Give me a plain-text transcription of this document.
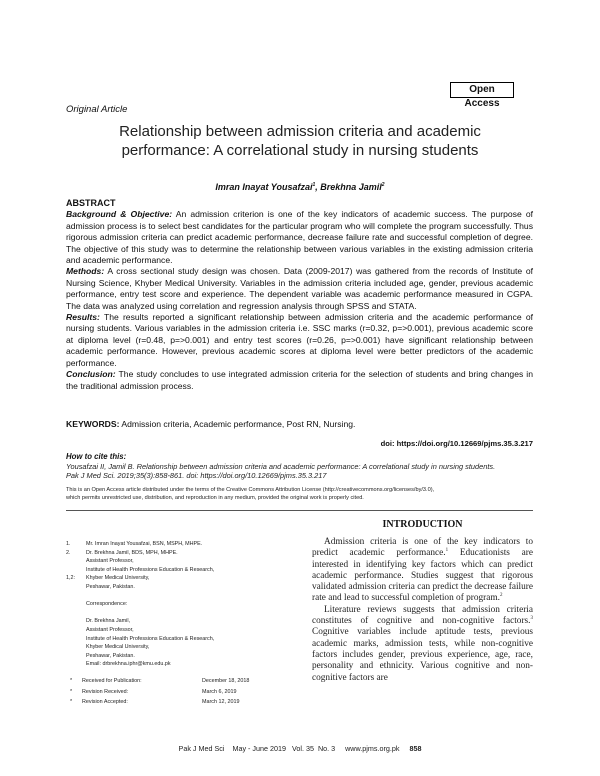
Open Access
Original Article
Relationship between admission criteria and academic performance: A correlational study in nursing students
Imran Inayat Yousafzai$^1$, Brekhna Jamil$^2$

ABSTRACT

Background & Objective: An admission criterion is one of the key indicators of academic success. The purpose of admission process is to select best candidates for the particular program who will complete the program successfully. Thus rigorous admission criteria can predict academic performance, decrease failure rate and successful completion of degree. The objective of this study was to determine the relationship between various variables in the existing admission criteria and academic performance.

Methods: A cross sectional study design was chosen. Data (2009-2017) was gathered from the records of Institute of Nursing Science, Khyber Medical University. Variables in the admission criteria included age, gender, previous academic performance, entry test score and experience. The dependent variable was academic performance measured in CGPA. The data was analyzed using correlation and regression analysis through SPSS and STATA.

Results: The results reported a significant relationship between admission criteria and the academic performance of nursing students. Various variables in the admission criteria i.e. SSC marks (r=0.32, p=>0.001), previous academic score at diploma level (r=0.48, p=>0.001) and entry test scores (r=0.26, p=>0.001) have significant relationship between academic performance. However, previous academic scores at diploma level were better predictors of the academic performance.

Conclusion: The study concludes to use integrated admission criteria for the selection of students and bring changes in the traditional admission process.

KEYWORDS: Admission criteria, Academic performance, Post RN, Nursing.
doi: https://doi.org/10.12669/pjms.35.3.217
How to cite this:
Yousafzai II, Jamil B. Relationship between admission criteria and academic performance: A correlational study in nursing students.
Pak J Med Sci. 2019;35(3):858-861. doi: https://doi.org/10.12669/pjms.35.3.217
This is an Open Access article distributed under the terms of the Creative Commons Attribution License (http://creativecommons.org/licenses/by/3.0),
which permits unrestricted use, distribution, and reproduction in any medium, provided the original work is properly cited.
1.	Mr. Imran Inayat Yousafzai, BSN, MSPH, MHPE.
2.	Dr. Brekhna Jamil, BDS, MPH, MHPE.
Assistant Professor,
Institute of Health Professions Education & Research,
1,2:	Khyber Medical University,
Peshawar, Pakistan.
Correspondence:
Dr. Brekhna Jamil,
Assistant Professor,
Institute of Health Professions Education & Research,
Khyber Medical University,
Peshawar, Pakistan.
Email: drbrekhna.iphr@kmu.edu.pk
*	Received for Publication:	December 18, 2018
*	Revision Received:	March 6, 2019
*	Revision Accepted:	March 12, 2019
INTRODUCTION

Admission criteria is one of the key indicators to predict academic performance.$^1$ Educationists are interested in identifying key factors which can predict academic performance. Studies suggest that rigorous validated admission criteria can predict the decrease failure rate and lead to successful completion of program.$^2$

Literature reviews suggests that admission criteria constitutes of cognitive and non-cognitive factors.$^3$ Cognitive variables include aptitude tests, previous academic marks, admission tests, while non-cognitive factors includes gender, previous experience, age, race, personality and ethnicity. Various cognitive and non-cognitive factors are

Pak J Med Sci    May - June 2019   Vol. 35  No. 3     www.pjms.org.pk 858
